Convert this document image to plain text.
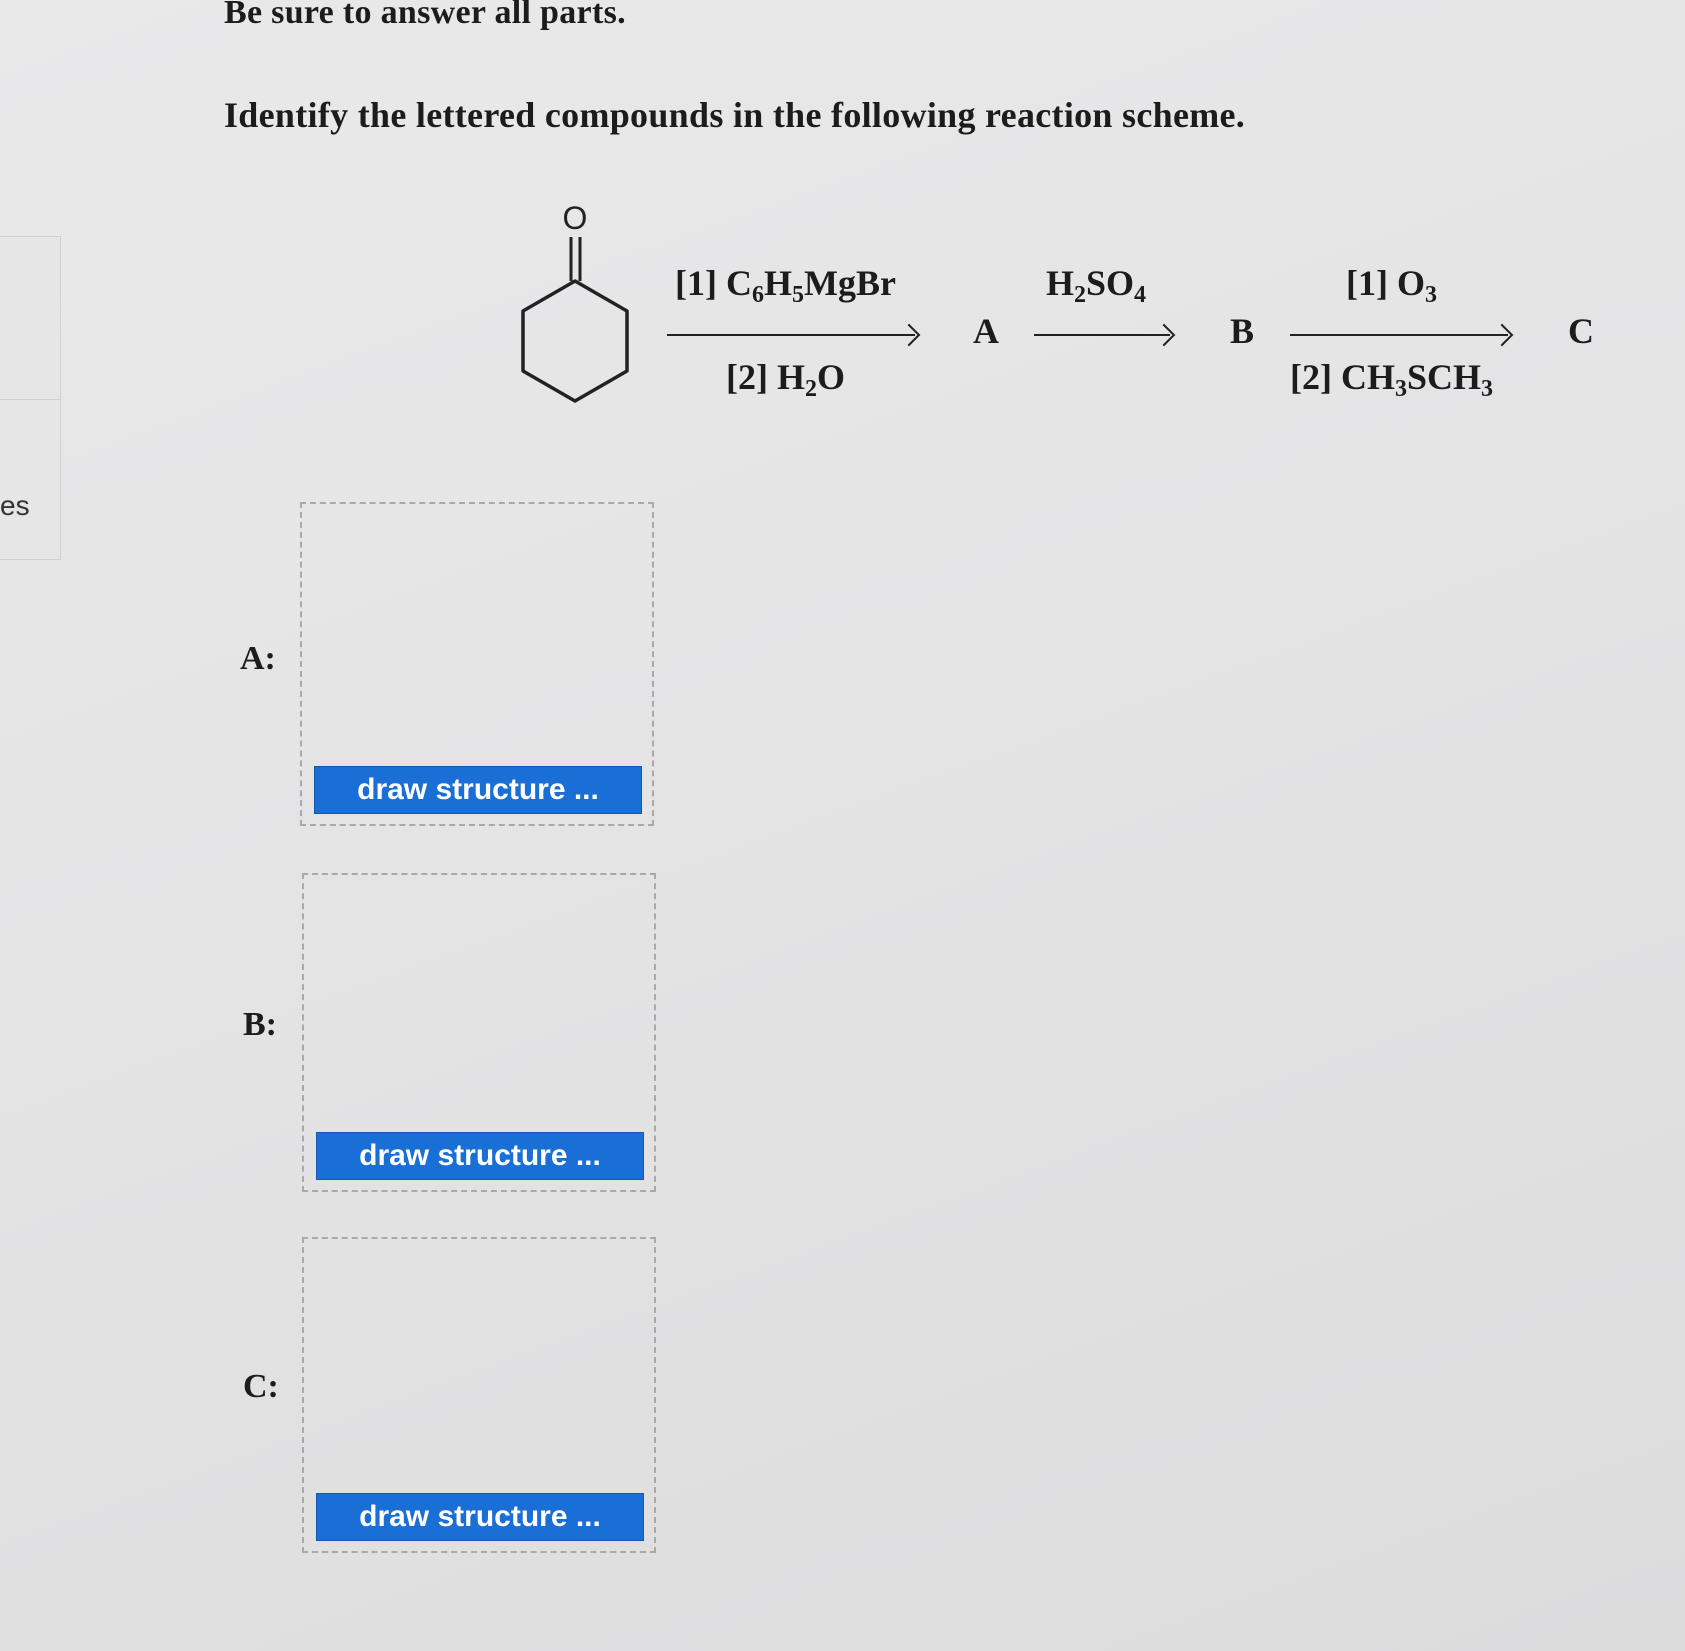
es
Be sure to answer all parts.
Identify the lettered compounds in the following reaction scheme.
O
[1] $C_6H_5MgBr$
[2] $H_2O$
A
$H_2SO_4$
B
[1] $O_3$
[2] $CH_3SCH_3$
C
A:
draw structure ...
B:
draw structure ...
C:
draw structure ...
